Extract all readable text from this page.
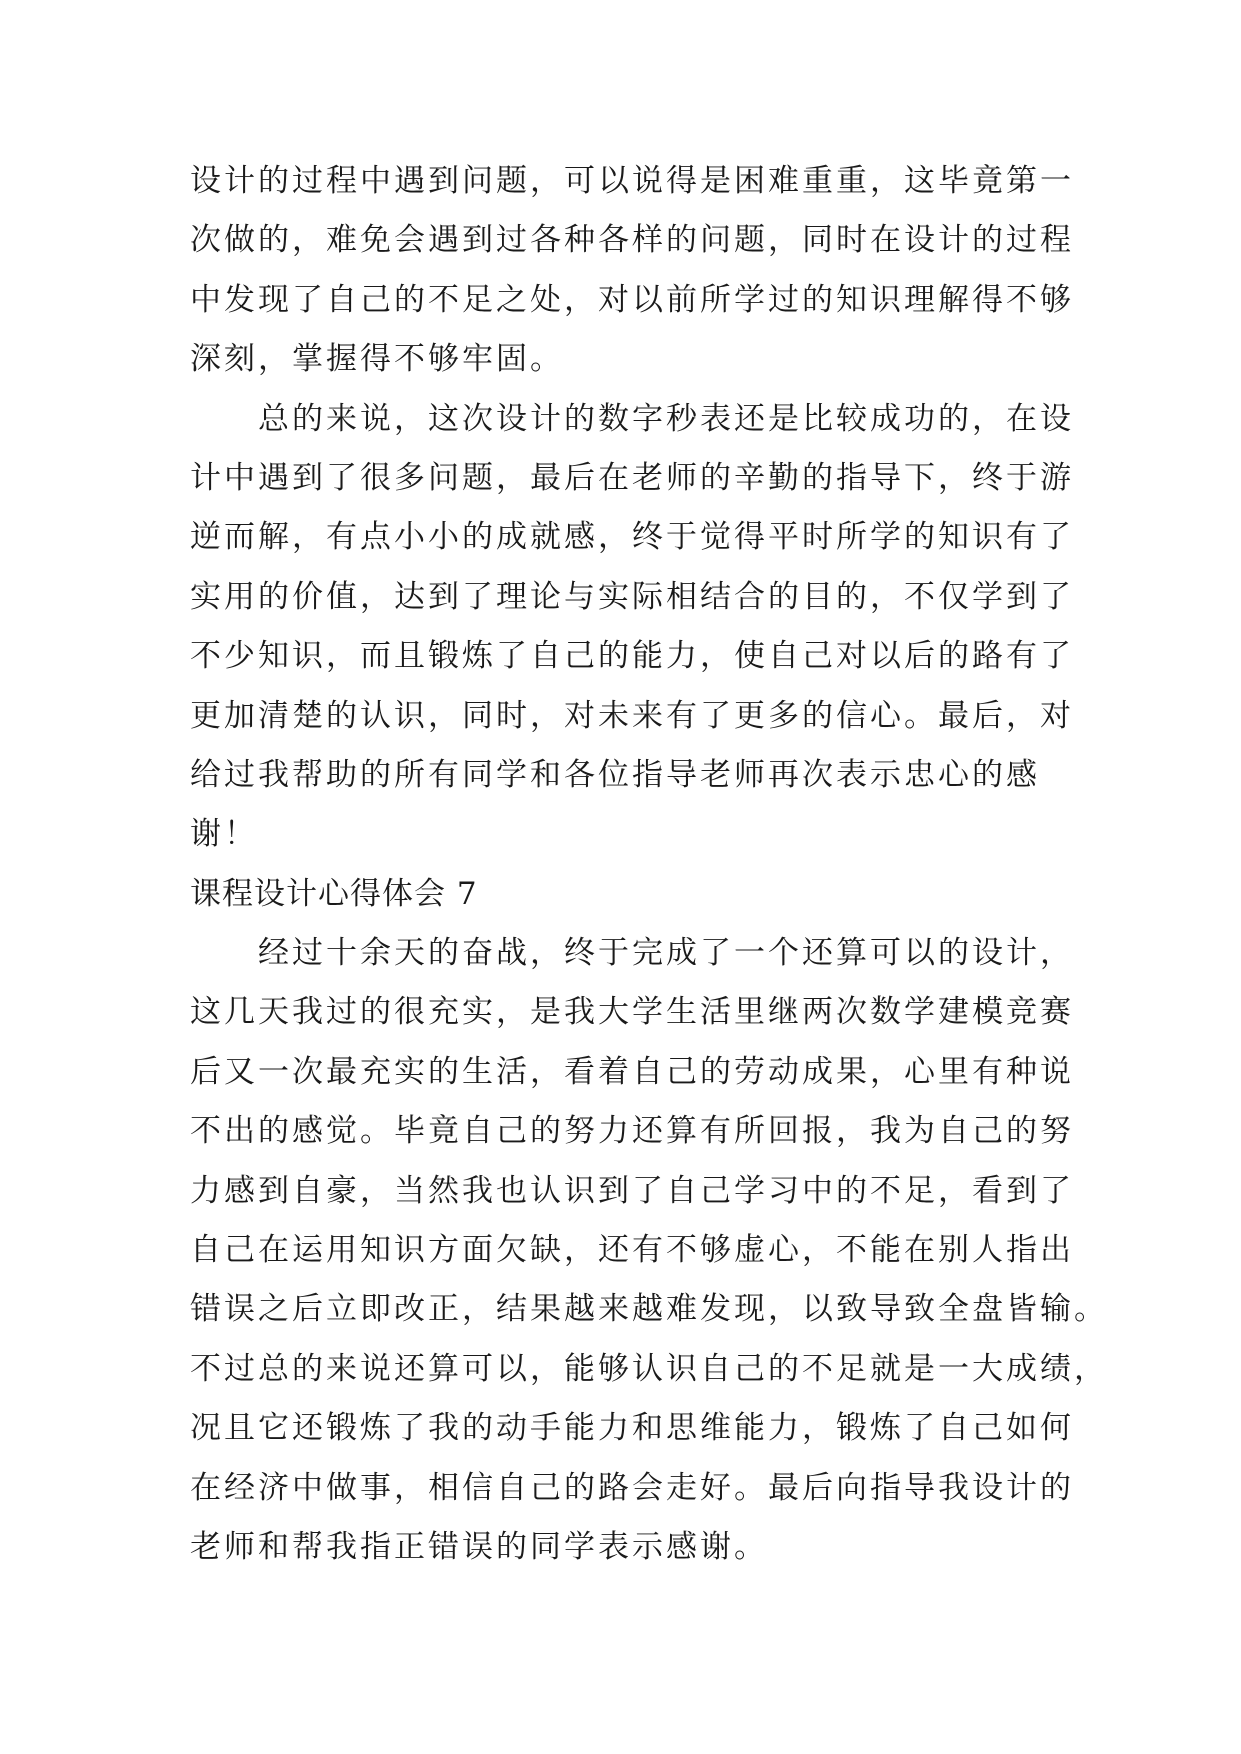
设计的过程中遇到问题，可以说得是困难重重，这毕竟第一
次做的，难免会遇到过各种各样的问题，同时在设计的过程
中发现了自己的不足之处，对以前所学过的知识理解得不够
深刻，掌握得不够牢固。
总的来说，这次设计的数字秒表还是比较成功的，在设
计中遇到了很多问题，最后在老师的辛勤的指导下，终于游
逆而解，有点小小的成就感，终于觉得平时所学的知识有了
实用的价值，达到了理论与实际相结合的目的，不仅学到了
不少知识，而且锻炼了自己的能力，使自己对以后的路有了
更加清楚的认识，同时，对未来有了更多的信心。最后，对
给过我帮助的所有同学和各位指导老师再次表示忠心的感
谢！
课程设计心得体会 7
经过十余天的奋战，终于完成了一个还算可以的设计，
这几天我过的很充实，是我大学生活里继两次数学建模竞赛
后又一次最充实的生活，看着自己的劳动成果，心里有种说
不出的感觉。毕竟自己的努力还算有所回报，我为自己的努
力感到自豪，当然我也认识到了自己学习中的不足，看到了
自己在运用知识方面欠缺，还有不够虚心，不能在别人指出
错误之后立即改正，结果越来越难发现，以致导致全盘皆输。
不过总的来说还算可以，能够认识自己的不足就是一大成绩，
况且它还锻炼了我的动手能力和思维能力，锻炼了自己如何
在经济中做事，相信自己的路会走好。最后向指导我设计的
老师和帮我指正错误的同学表示感谢。
